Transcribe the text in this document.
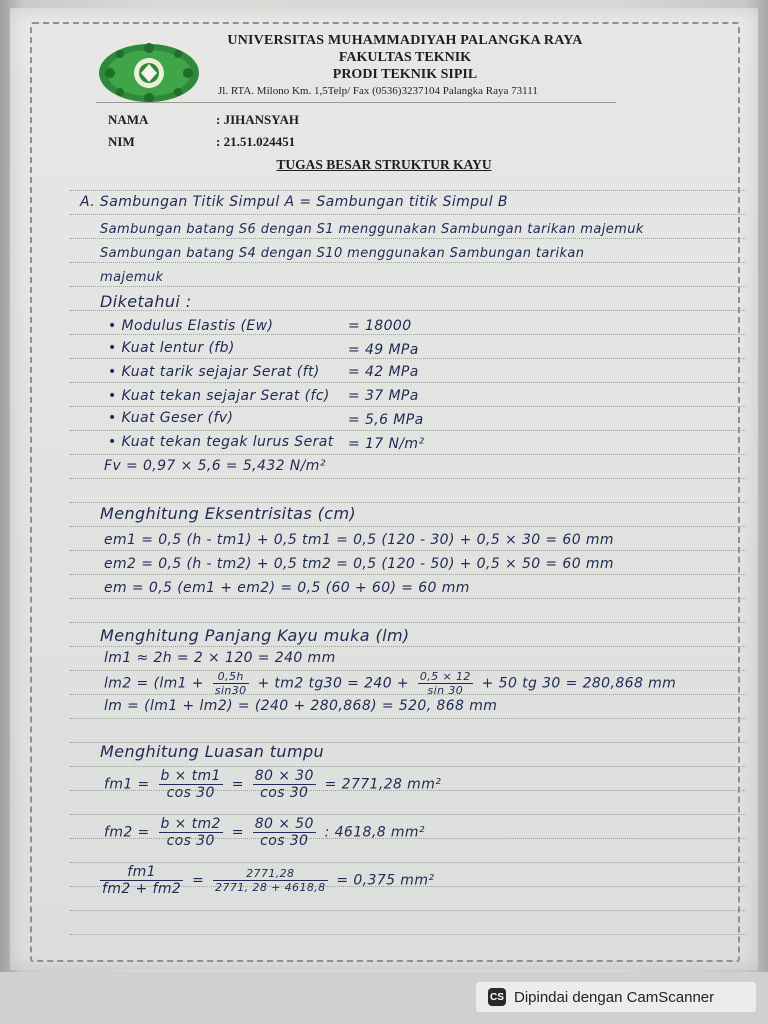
UNIVERSITAS MUHAMMADIYAH PALANGKA RAYA
FAKULTAS TEKNIK
PRODI TEKNIK SIPIL
Jl. RTA. Milono Km. 1,5Telp/ Fax (0536)3237104 Palangka Raya 73111
NAMA	: JIHANSYAH
NIM	: 21.51.024451
TUGAS BESAR STRUKTUR KAYU
A. Sambungan Titik Simpul A = Sambungan titik Simpul B
Sambungan batang S6 dengan S1 menggunakan Sambungan tarikan majemuk
Sambungan batang S4 dengan S10 menggunakan Sambungan tarikan
majemuk
Diketahui :
• Modulus Elastis (Ew)	= 18000
• Kuat lentur (fb)	= 49 MPa
• Kuat tarik sejajar Serat (ft) = 42 MPa
• Kuat tekan sejajar Serat (fc) = 37 MPa
• Kuat Geser (fv)	= 5,6 MPa
• Kuat tekan tegak lurus Serat = 17 N/m²
Fv = 0,97 × 5,6 = 5,432 N/m²
Menghitung Eksentrisitas (cm)
em1 = 0,5 (h - tm1) + 0,5 tm1 = 0,5 (120 - 30) + 0,5 × 30 = 60 mm
em2 = 0,5 (h - tm2) + 0,5 tm2 = 0,5 (120 - 50) + 0,5 × 50 = 60 mm
em = 0,5 (em1 + em2) = 0,5 (60 + 60) = 60 mm
Menghitung Panjang Kayu muka (lm)
lm1 ≈ 2h = 2 × 120 = 240 mm
$lm2 = (lm1 + \frac{0,5h}{\sin 30} + tm2$ $tg30 = 240 + \frac{0,5 \times 12}{\sin 30} + 50$ tg 30 = 280,868 mm
lm = (lm1 + lm2) = (240 + 280,868) = 520, 868 mm
Menghitung Luasan tumpu
$fm1 = \frac{b \times tm1}{\cos 30} = \frac{80 \times 30}{\cos 30} = 2771,28$ mm²
$fm2 = \frac{b \times tm2}{\cos 30} = \frac{80 \times 50}{\cos 30}$ : 4618,8 mm²
$\frac{fm1}{fm2 + fm2} = \frac{2771,28}{2771, 28 + 4618,8} = 0,375$ mm²
CS Dipindai dengan CamScanner
